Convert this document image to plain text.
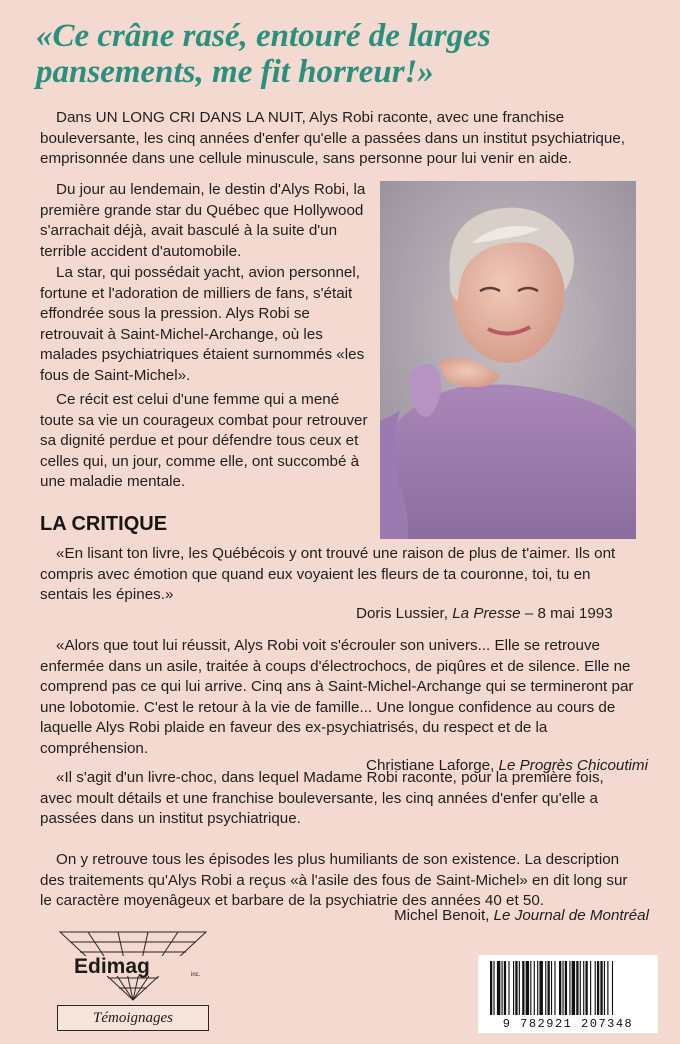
«Ce crâne rasé, entouré de larges pansements, me fit horreur!»

Dans UN LONG CRI DANS LA NUIT, Alys Robi raconte, avec une franchise bouleversante, les cinq années d'enfer qu'elle a passées dans un institut psychiatrique, emprisonnée dans une cellule minuscule, sans personne pour lui venir en aide.

Du jour au lendemain, le destin d'Alys Robi, la première grande star du Québec que Hollywood s'arrachait déjà, avait basculé à la suite d'un terrible accident d'automobile.

La star, qui possédait yacht, avion personnel, fortune et l'adoration de milliers de fans, s'était effondrée sous la pression. Alys Robi se retrouvait à Saint-Michel-Archange, où les malades psychiatriques étaient surnommés «les fous de Saint-Michel».

Ce récit est celui d'une femme qui a mené toute sa vie un courageux combat pour retrouver sa dignité perdue et pour défendre tous ceux et celles qui, un jour, comme elle, ont succombé à une maladie mentale.

LA CRITIQUE

«En lisant ton livre, les Québécois y ont trouvé une raison de plus de t'aimer. Ils ont compris avec émotion que quand eux voyaient les fleurs de ta couronne, toi, tu en sentais les épines.»

Doris Lussier, La Presse – 8 mai 1993

«Alors que tout lui réussit, Alys Robi voit s'écrouler son univers... Elle se retrouve enfermée dans un asile, traitée à coups d'électrochocs, de piqûres et de silence. Elle ne comprend pas ce qui lui arrive. Cinq ans à Saint-Michel-Archange qui se termineront par une lobotomie. C'est le retour à la vie de famille... Une longue confidence au cours de laquelle Alys Robi plaide en faveur des ex-psychiatrisés, du respect et de la compréhension.

Christiane Laforge, Le Progrès Chicoutimi

«Il s'agit d'un livre-choc, dans lequel Madame Robi raconte, pour la première fois, avec moult détails et une franchise bouleversante, les cinq années d'enfer qu'elle a passées dans un institut psychiatrique.

On y retrouve tous les épisodes les plus humiliants de son existence. La description des traitements qu'Alys Robi a reçus «à l'asile des fous de Saint-Michel» en dit long sur le caractère moyenâgeux et barbare de la psychiatrie des années 40 et 50.

Michel Benoit, Le Journal de Montréal

Edimag	inc.
Témoignages	9 782921 207348
